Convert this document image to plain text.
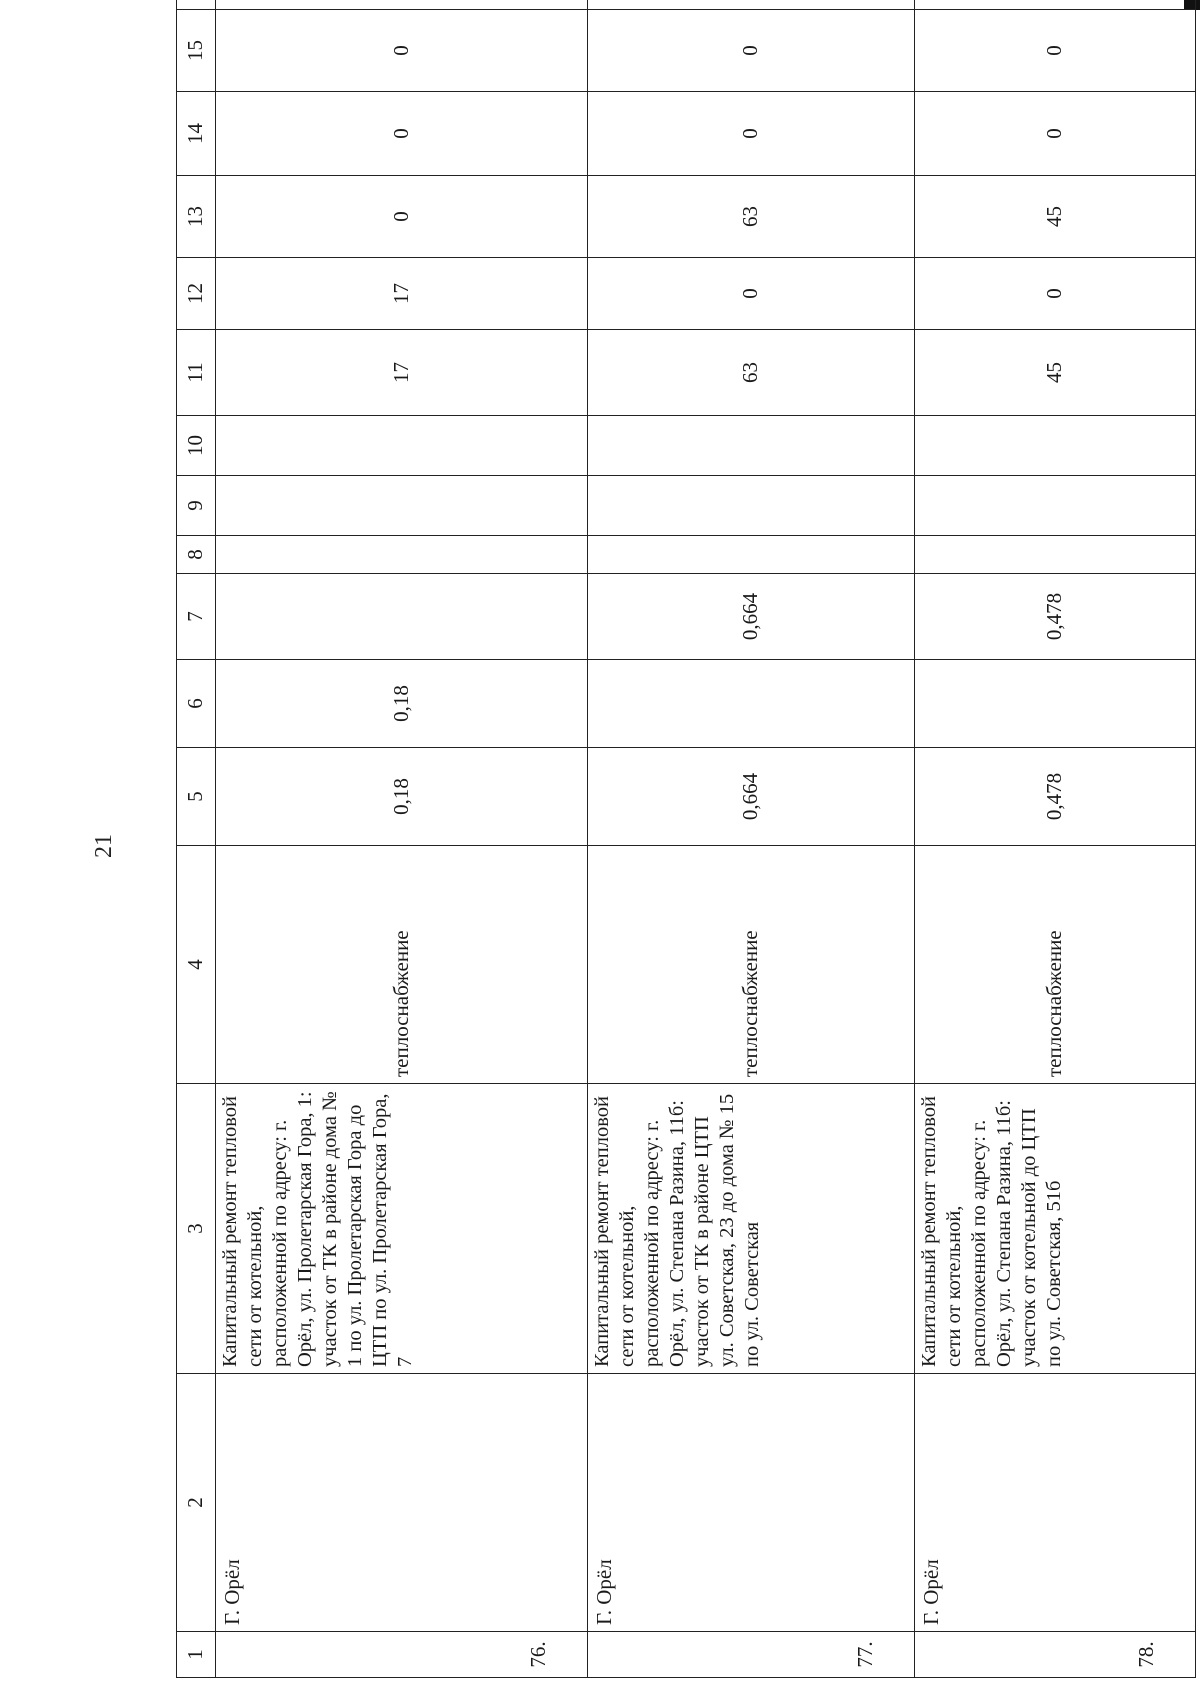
21
1	2	3	4	5	6	7	8	9	10	11	12	13	14	15	
76.	Г. Орёл	Капитальный ремонт тепловой сети от котельной, расположенной по адресу: г. Орёл, ул. Пролетарская Гора, 1: участок от ТК в районе дома № 1 по ул. Пролетарская Гора до ЦТП по ул. Пролетарская Гора, 7	теплоснабжение	0,18	0,18					17	17	0	0	0	
77.	Г. Орёл	Капитальный ремонт тепловой сети от котельной, расположенной по адресу: г. Орёл, ул. Степана Разина, 11б: участок от ТК в районе ЦТП ул. Советская, 23 до дома № 15 по ул. Советская	теплоснабжение	0,664		0,664				63	0	63	0	0	
78.	Г. Орёл	Капитальный ремонт тепловой сети от котельной, расположенной по адресу: г. Орёл, ул. Степана Разина, 11б: участок от котельной до ЦТП по ул. Советская, 51б	теплоснабжение	0,478		0,478				45	0	45	0	0	
